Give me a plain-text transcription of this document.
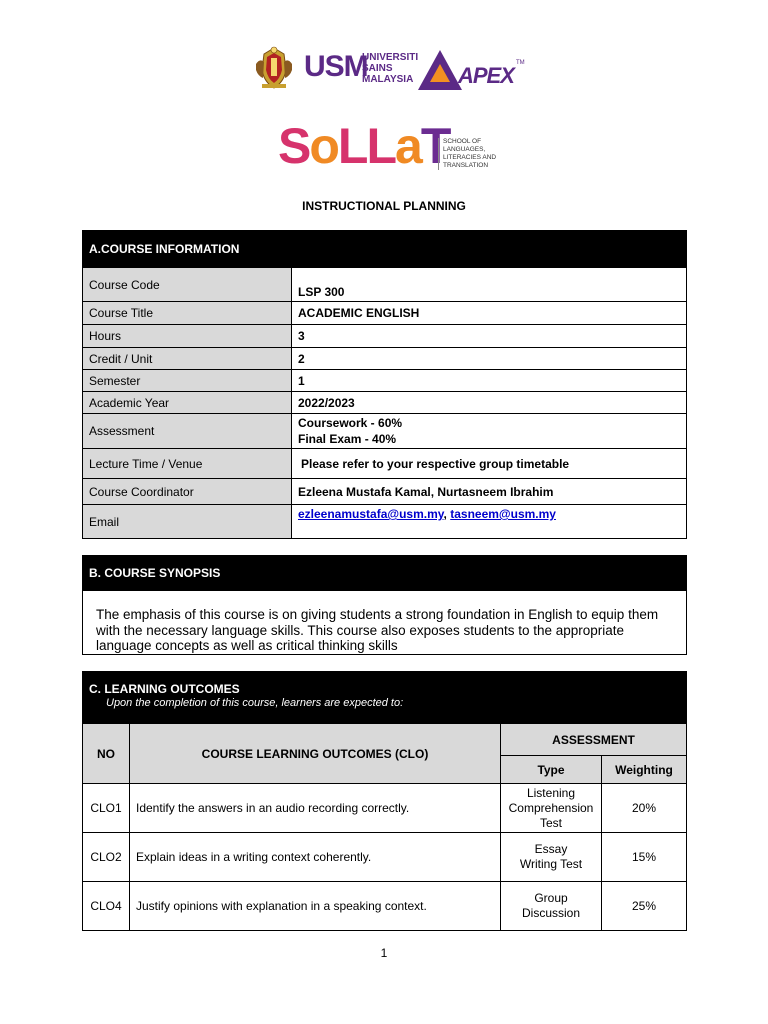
USM
UNIVERSITI
SAINS
MALAYSIA APEX TM
SoLLaT
SCHOOL OF
LANGUAGES,
LITERACIES AND
TRANSLATION
INSTRUCTIONAL PLANNING
A.COURSE INFORMATION	
Course Code	LSP 300
Course Title	ACADEMIC ENGLISH
Hours	3
Credit / Unit	2
Semester	1
Academic Year	2022/2023
Assessment	Coursework - 60%
Final Exam - 40%

Lecture Time / Venue	Please refer to your respective group timetable
Course Coordinator	Ezleena Mustafa Kamal, Nurtasneem Ibrahim
Email	ezleenamustafa@usm.my, tasneem@usm.my
B. COURSE SYNOPSIS
The emphasis of this course is on giving students a strong foundation in English to equip them with the necessary language skills. This course also exposes students to the appropriate language concepts as well as critical thinking skills
C. LEARNING OUTCOMES
Upon the completion of this course, learners are expected to:
NO	COURSE LEARNING OUTCOMES (CLO)	ASSESSMENT	
		Type	Weighting
CLO1	Identify the answers in an audio recording correctly.	Listening Comprehension Test	20%
CLO2	Explain ideas in a writing context coherently.	Essay Writing Test	15%
CLO4	Justify opinions with explanation in a speaking context.	Group Discussion	25%
1
